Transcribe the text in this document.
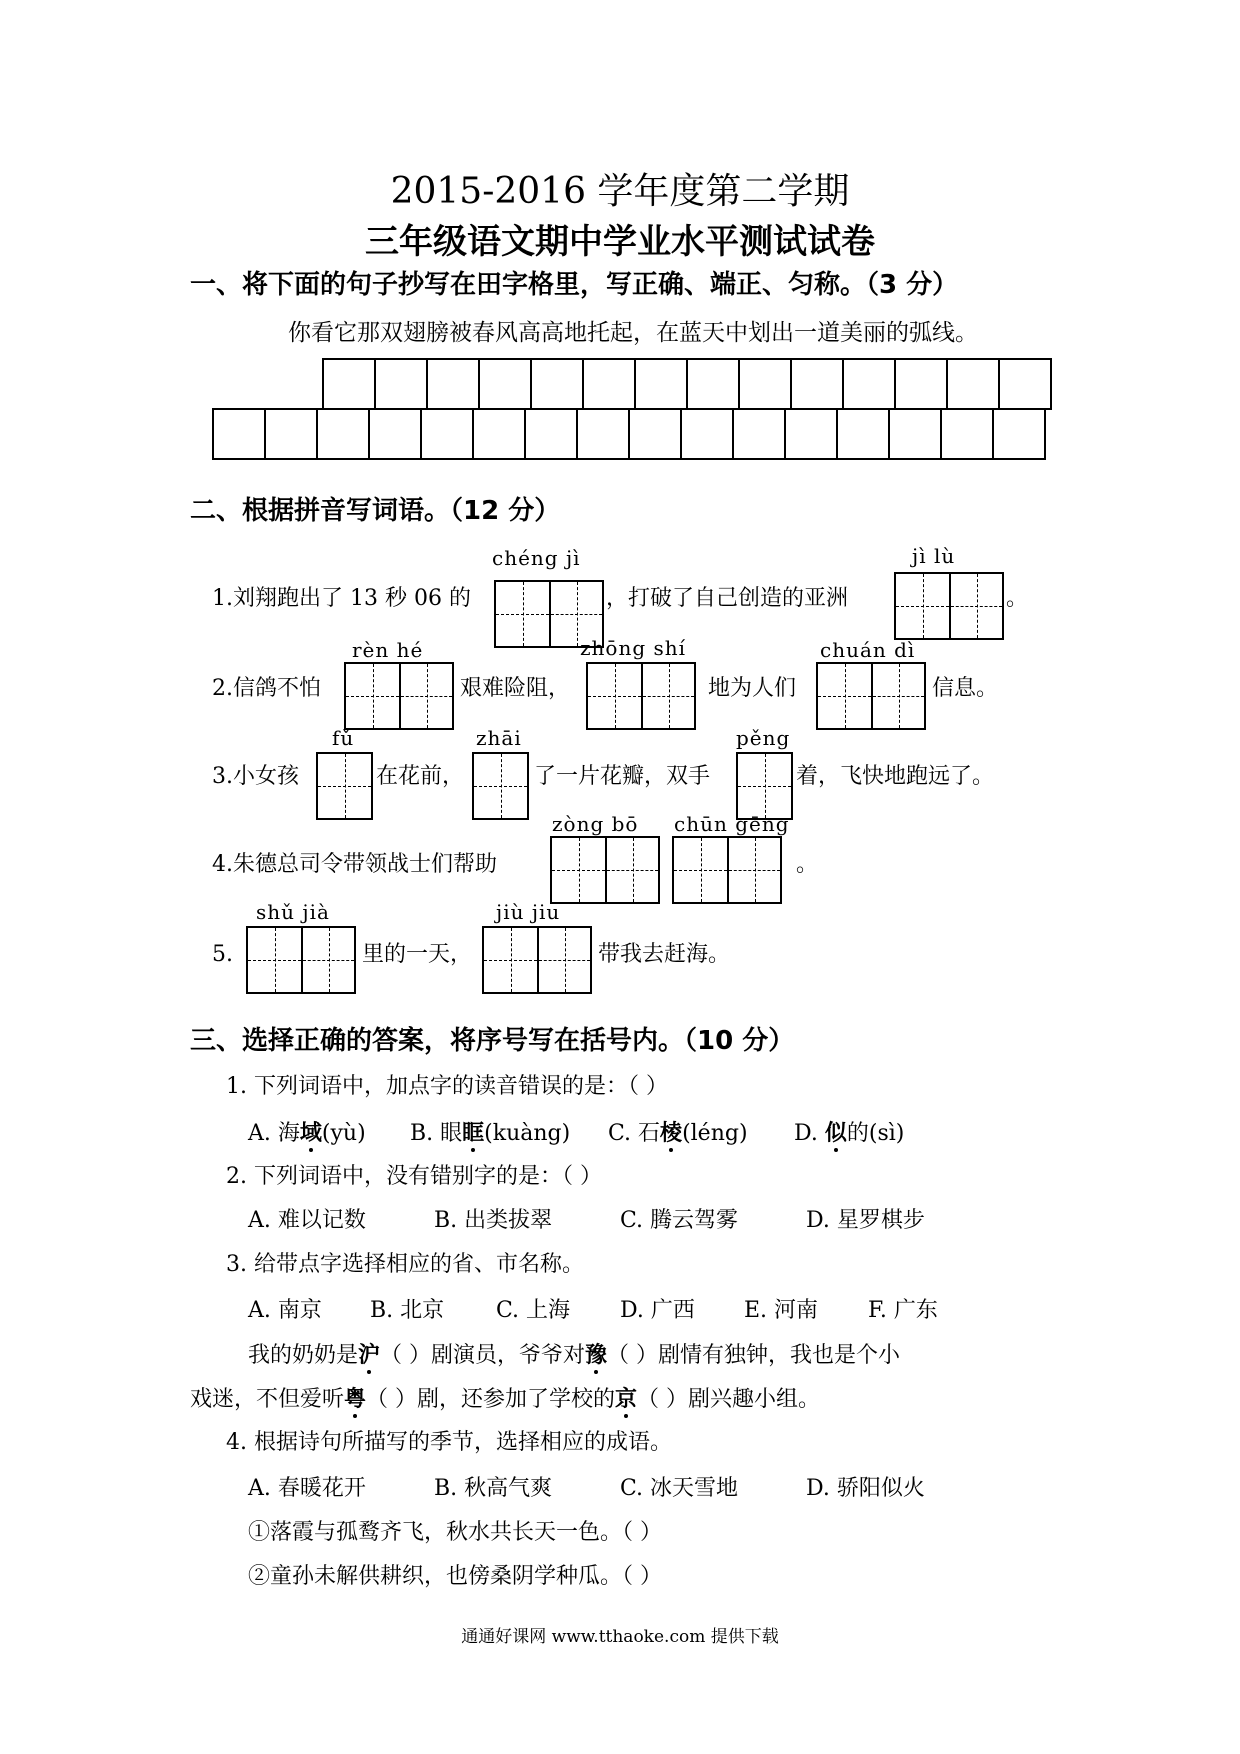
2015-2016 学年度第二学期
三年级语文期中学业水平测试试卷
一、将下面的句子抄写在田字格里，写正确、端正、匀称。（3 分）
你看它那双翅膀被春风高高地托起，在蓝天中划出一道美丽的弧线。
二、根据拼音写词语。（12 分）
chéng jì	jì lù
1.刘翔跑出了 13 秒 06 的	，打破了自己创造的亚洲	。
rèn hé	zhōng shí	chuán dì
2.信鸽不怕	艰难险阻，	地为人们	信息。
fǔ	zhāi	pěng
3.小女孩	在花前，	了一片花瓣，双手	着，飞快地跑远了。
zòng bō chūn gēng
4.朱德总司令带领战士们帮助	。
shǔ jià	jiù jiu
5.	里的一天，	带我去赶海。
三、选择正确的答案，将序号写在括号内。（10 分）
1. 下列词语中，加点字的读音错误的是：（ ）
A. 海域(yù) B. 眼眶(kuàng) C. 石棱(léng) D. 似的(sì)
2. 下列词语中，没有错别字的是：（ ）
A. 难以记数	B. 出类拔翠	C. 腾云驾雾	D. 星罗棋步
3. 给带点字选择相应的省、市名称。
A. 南京 B. 北京 C. 上海 D. 广西 E. 河南 F. 广东
我的奶奶是沪（ ）剧演员，爷爷对豫（ ）剧情有独钟，我也是个小
戏迷，不但爱听粤（ ）剧，还参加了学校的京（ ）剧兴趣小组。
4. 根据诗句所描写的季节，选择相应的成语。
A. 春暖花开	B. 秋高气爽	C. 冰天雪地	D. 骄阳似火
①落霞与孤鹜齐飞，秋水共长天一色。（ ）
②童孙未解供耕织，也傍桑阴学种瓜。（ ）
通通好课网 www.tthaoke.com 提供下载
